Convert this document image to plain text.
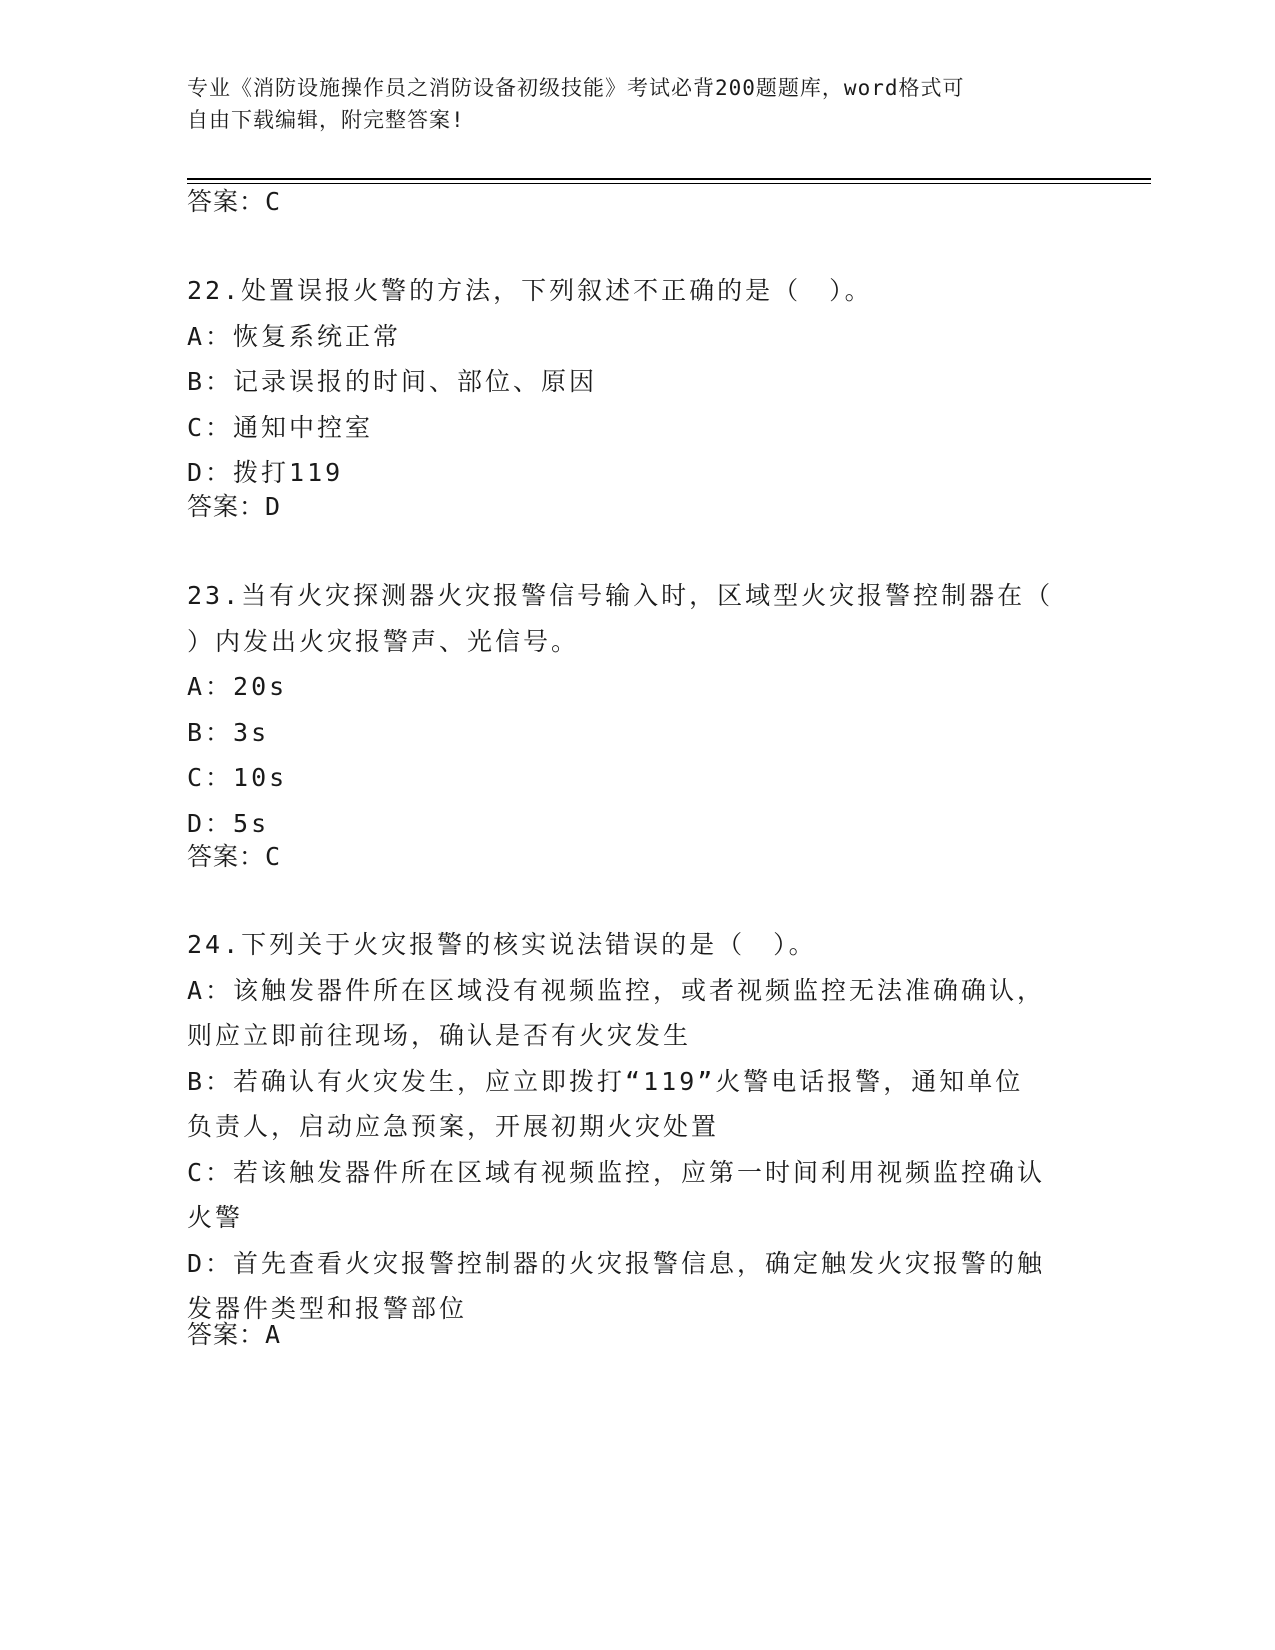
专业《消防设施操作员之消防设备初级技能》考试必背200题题库，word格式可
自由下载编辑，附完整答案!
答案：C
22.处置误报火警的方法，下列叙述不正确的是（　）。
A：恢复系统正常
B：记录误报的时间、部位、原因
C：通知中控室
D：拨打119
答案：D
23.当有火灾探测器火灾报警信号输入时，区域型火灾报警控制器在（
）内发出火灾报警声、光信号。
A：20s
B：3s
C：10s
D：5s
答案：C
24.下列关于火灾报警的核实说法错误的是（　）。
A：该触发器件所在区域没有视频监控，或者视频监控无法准确确认，
则应立即前往现场，确认是否有火灾发生
B：若确认有火灾发生，应立即拨打“119”火警电话报警，通知单位
负责人，启动应急预案，开展初期火灾处置
C：若该触发器件所在区域有视频监控，应第一时间利用视频监控确认
火警
D：首先查看火灾报警控制器的火灾报警信息，确定触发火灾报警的触
发器件类型和报警部位
答案：A
